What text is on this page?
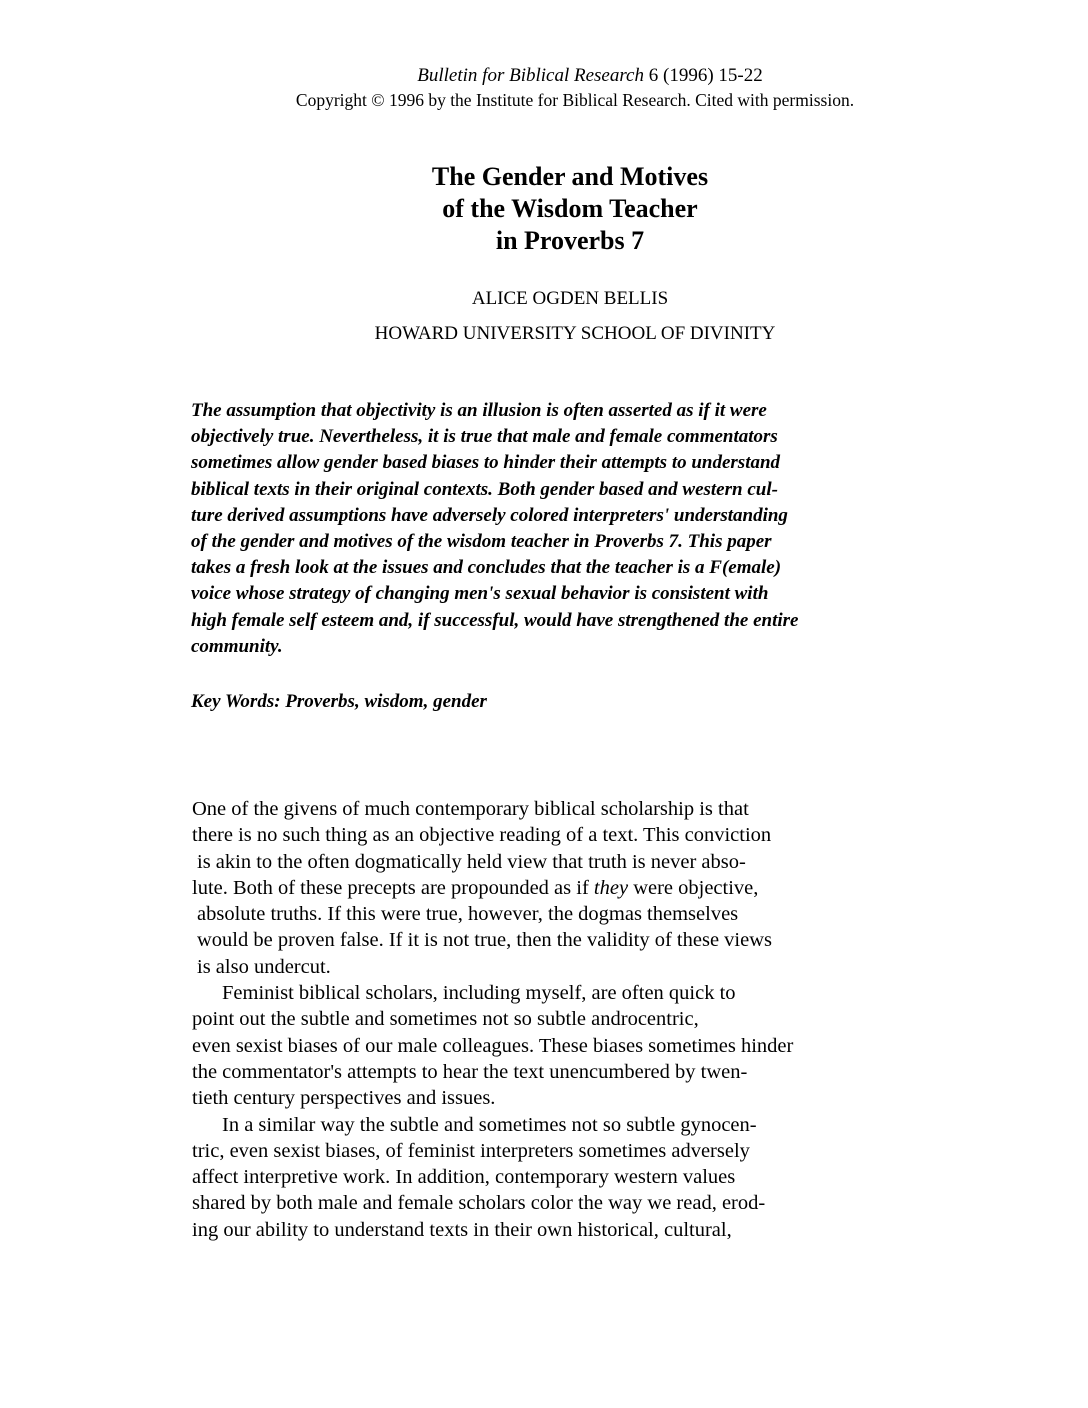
Bulletin for Biblical Research 6 (1996) 15-22
Copyright © 1996 by the Institute for Biblical Research. Cited with permission.
The Gender and Motives
of the Wisdom Teacher
in Proverbs 7
ALICE OGDEN BELLIS
HOWARD UNIVERSITY SCHOOL OF DIVINITY
The assumption that objectivity is an illusion is often asserted as if it were
objectively true. Nevertheless, it is true that male and female commentators
sometimes allow gender based biases to hinder their attempts to understand
biblical texts in their original contexts. Both gender based and western cul-
ture derived assumptions have adversely colored interpreters' understanding
of the gender and motives of the wisdom teacher in Proverbs 7. This paper
takes a fresh look at the issues and concludes that the teacher is a F(emale)
voice whose strategy of changing men's sexual behavior is consistent with
high female self esteem and, if successful, would have strengthened the entire
community.
Key Words: Proverbs, wisdom, gender
One of the givens of much contemporary biblical scholarship is that
there is no such thing as an objective reading of a text. This conviction
is akin to the often dogmatically held view that truth is never abso-
lute. Both of these precepts are propounded as if they were objective,
absolute truths. If this were true, however, the dogmas themselves
would be proven false. If it is not true, then the validity of these views
is also undercut.
Feminist biblical scholars, including myself, are often quick to
point out the subtle and sometimes not so subtle androcentric,
even sexist biases of our male colleagues. These biases sometimes hinder
the commentator's attempts to hear the text unencumbered by twen-
tieth century perspectives and issues.
In a similar way the subtle and sometimes not so subtle gynocen-
tric, even sexist biases, of feminist interpreters sometimes adversely
affect interpretive work. In addition, contemporary western values
shared by both male and female scholars color the way we read, erod-
ing our ability to understand texts in their own historical, cultural,
